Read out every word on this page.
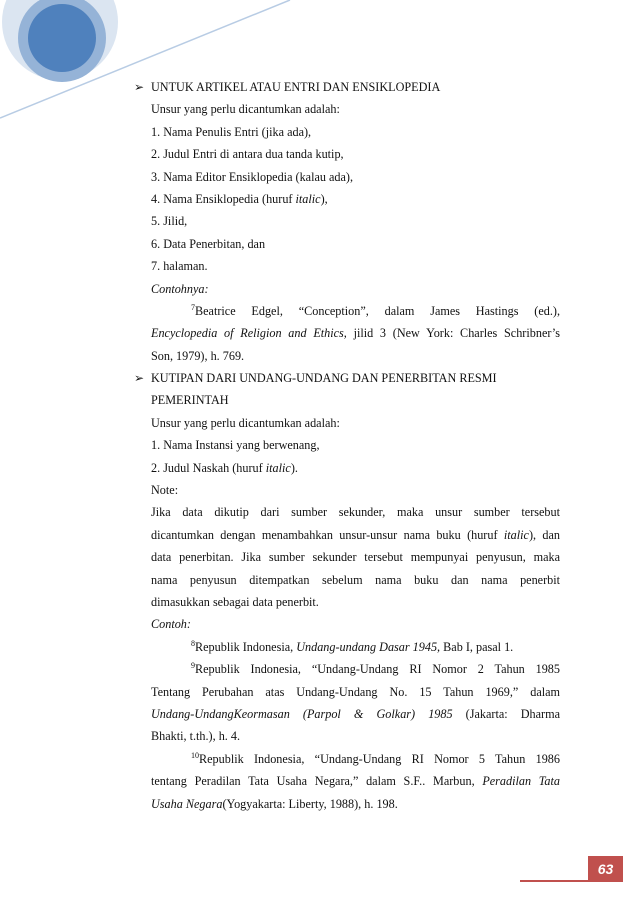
➢ UNTUK ARTIKEL ATAU ENTRI DAN ENSIKLOPEDIA
Unsur yang perlu dicantumkan adalah:
1. Nama Penulis Entri (jika ada),
2. Judul Entri di antara dua tanda kutip,
3. Nama Editor Ensiklopedia (kalau ada),
4. Nama Ensiklopedia (huruf italic),
5. Jilid,
6. Data Penerbitan, dan
7. halaman.
Contohnya:
$^7$Beatrice Edgel, “Conception”, dalam James Hastings (ed.),
Encyclopedia of Religion and Ethics, jilid 3 (New York: Charles Schribner’s
Son, 1979), h. 769.
➢ KUTIPAN DARI UNDANG-UNDANG DAN PENERBITAN RESMI
PEMERINTAH
Unsur yang perlu dicantumkan adalah:
1. Nama Instansi yang berwenang,
2. Judul Naskah (huruf italic).
Note:
Jika data dikutip dari sumber sekunder, maka unsur sumber tersebut
dicantumkan dengan menambahkan unsur-unsur nama buku (huruf italic), dan
data penerbitan. Jika sumber sekunder tersebut mempunyai penyusun, maka
nama penyusun ditempatkan sebelum nama buku dan nama penerbit
dimasukkan sebagai data penerbit.
Contoh:
$^8$Republik Indonesia, Undang-undang Dasar 1945, Bab I, pasal 1.
$^9$Republik Indonesia, “Undang-Undang RI Nomor 2 Tahun 1985
Tentang Perubahan atas Undang-Undang No. 15 Tahun 1969,” dalam
Undang-UndangKeormasan (Parpol & Golkar) 1985 (Jakarta: Dharma
Bhakti, t.th.), h. 4.
$^{10}$Republik Indonesia, “Undang-Undang RI Nomor 5 Tahun 1986
tentang Peradilan Tata Usaha Negara,” dalam S.F.. Marbun, Peradilan Tata
Usaha Negara(Yogyakarta: Liberty, 1988), h. 198.
63
